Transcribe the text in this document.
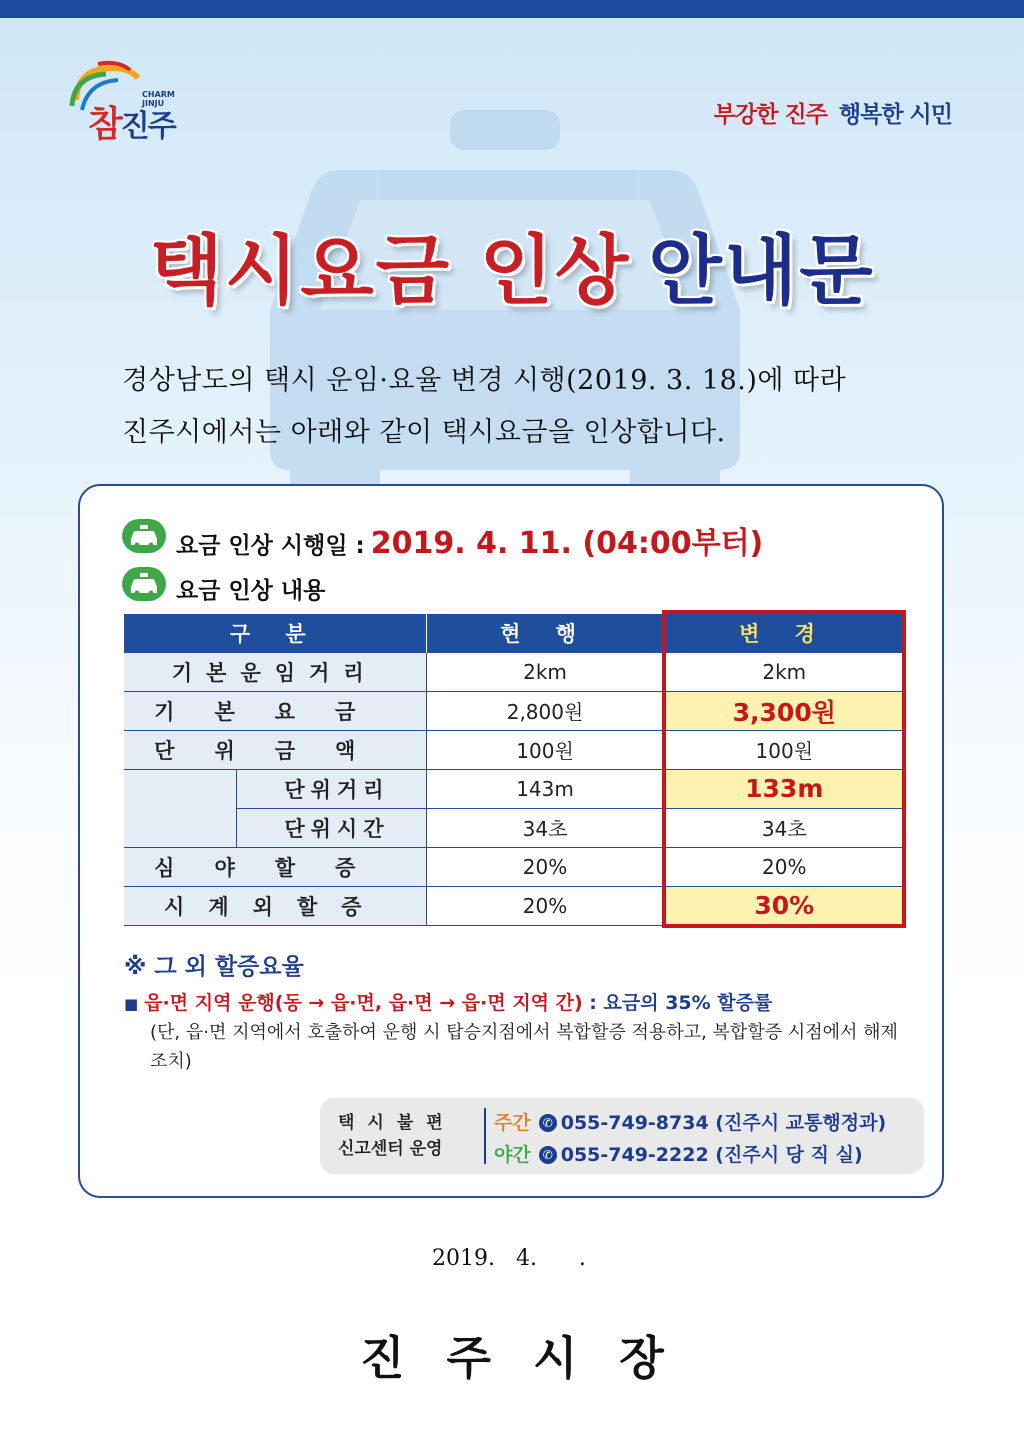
CHARM JINJU
참진주	부강한 진주 행복한 시민
택시요금 인상 안내문
경상남도의 택시 운임·요율 변경 시행(2019. 3. 18.)에 따라
진주시에서는 아래와 같이 택시요금을 인상합니다.
요금 인상 시행일 : 2019. 4. 11. (04:00부터)
요금 인상 내용
구 분		현 행	변 경
기본운임거리		2km	2km
기본요금		2,800원	3,300원
단위금액		100원	100원
	단위거리	143m	133m
	단위시간	34초	34초
심야할증		20%	20%
시계외할증		20%	30%
※ 그 외 할증요율
■ 읍·면 지역 운행(동 → 읍·면, 읍·면 → 읍·면 지역 간) : 요금의 35% 할증률
(단, 읍·면 지역에서 호출하여 운행 시 탑승지점에서 복합할증 적용하고, 복합할증 시점에서 해제 조치)
택시불편
신고센터 운영
주간 ✆ 055-749-8734 (진주시 교통행정과)
야간 ✆ 055-749-2222 (진주시 당 직 실)
2019.   4.      .
진주시장
